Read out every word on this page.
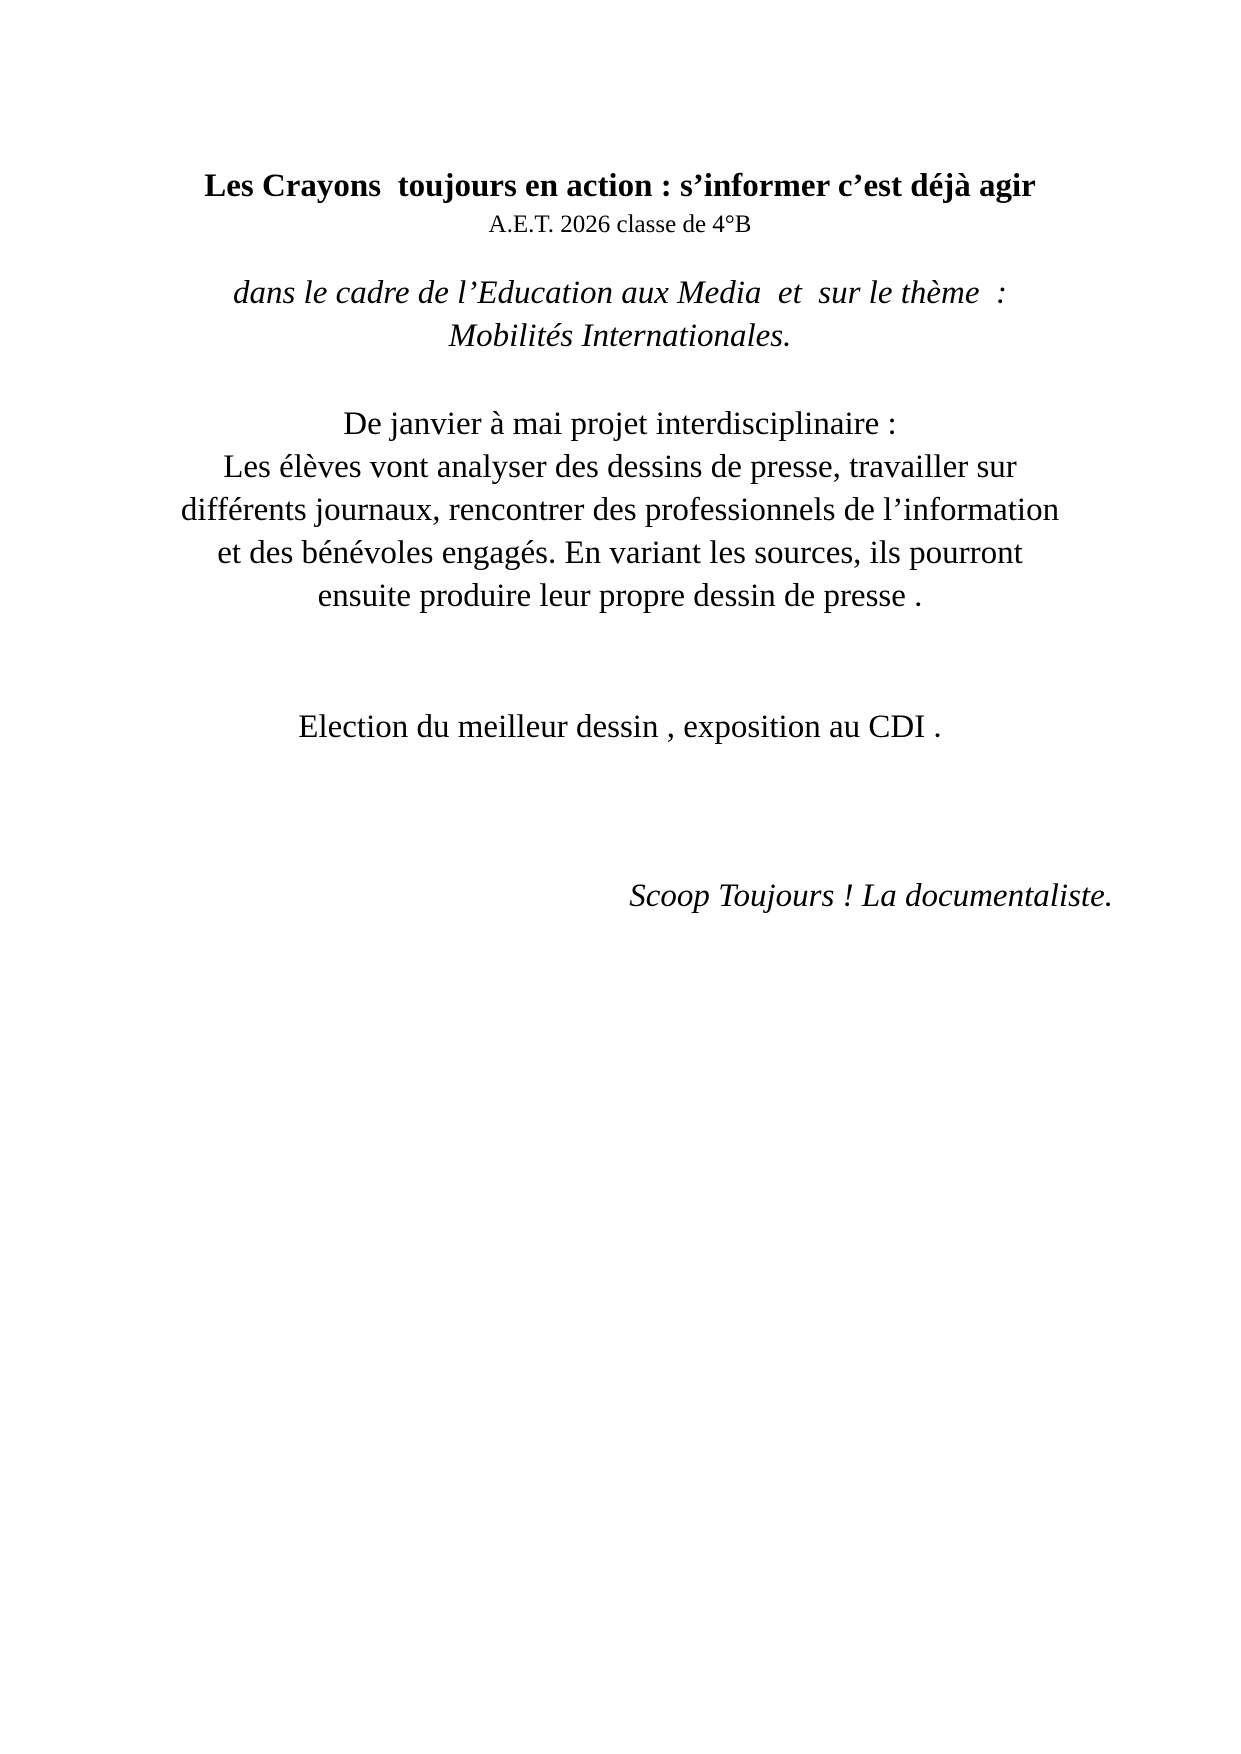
Les Crayons  toujours en action : s’informer c’est déjà agir
A.E.T. 2026 classe de 4°B
dans le cadre de l’Education aux Media  et  sur le thème  :
Mobilités Internationales.
De janvier à mai projet interdisciplinaire :
Les élèves vont analyser des dessins de presse, travailler sur
différents journaux, rencontrer des professionnels de l’information
et des bénévoles engagés. En variant les sources, ils pourront
ensuite produire leur propre dessin de presse .
Election du meilleur dessin , exposition au CDI .
Scoop Toujours ! La documentaliste.
